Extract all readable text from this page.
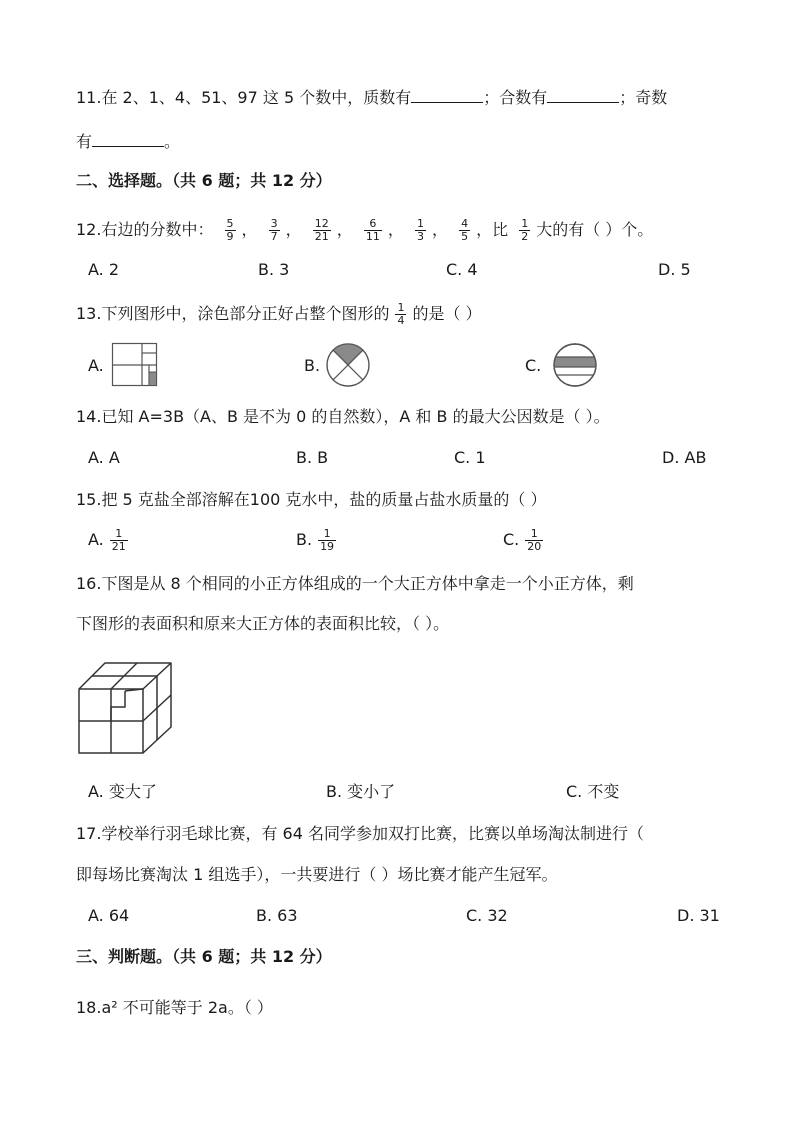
11.在 2、1、4、51、97 这 5 个数中，质数有	；合数有	；奇数
有	。
二、选择题。（共 6 题；共 12 分）
12.右边的分数中： $\frac{5}{9}$ ， $\frac{3}{7}$ ， $\frac{12}{21}$ ， $\frac{6}{11}$ ， $\frac{1}{3}$ ， $\frac{4}{5}$ ，比 $\frac{1}{2}$ 大的有（ ）个。
A. 2	B. 3	C. 4	D. 5
13.下列图形中，涂色部分正好占整个图形的 $\frac{1}{4}$ 的是（ ）
A.	B.	C.
14.已知 A=3B（A、B 是不为 0 的自然数），A 和 B 的最大公因数是（ ）。
A. A	B. B	C. 1	D. AB
15.把 5 克盐全部溶解在100 克水中，盐的质量占盐水质量的（ ）
A. $\frac{1}{21}$	B. $\frac{1}{19}$	C. $\frac{1}{20}$
16.下图是从 8 个相同的小正方体组成的一个大正方体中拿走一个小正方体，剩
下图形的表面积和原来大正方体的表面积比较，（ ）。
A. 变大了	B. 变小了	C. 不变
17.学校举行羽毛球比赛，有 64 名同学参加双打比赛，比赛以单场淘汰制进行（
即每场比赛淘汰 1 组选手），一共要进行（ ）场比赛才能产生冠军。
A. 64	B. 63	C. 32	D. 31
三、判断题。（共 6 题；共 12 分）
18.a² 不可能等于 2a。（ ）
